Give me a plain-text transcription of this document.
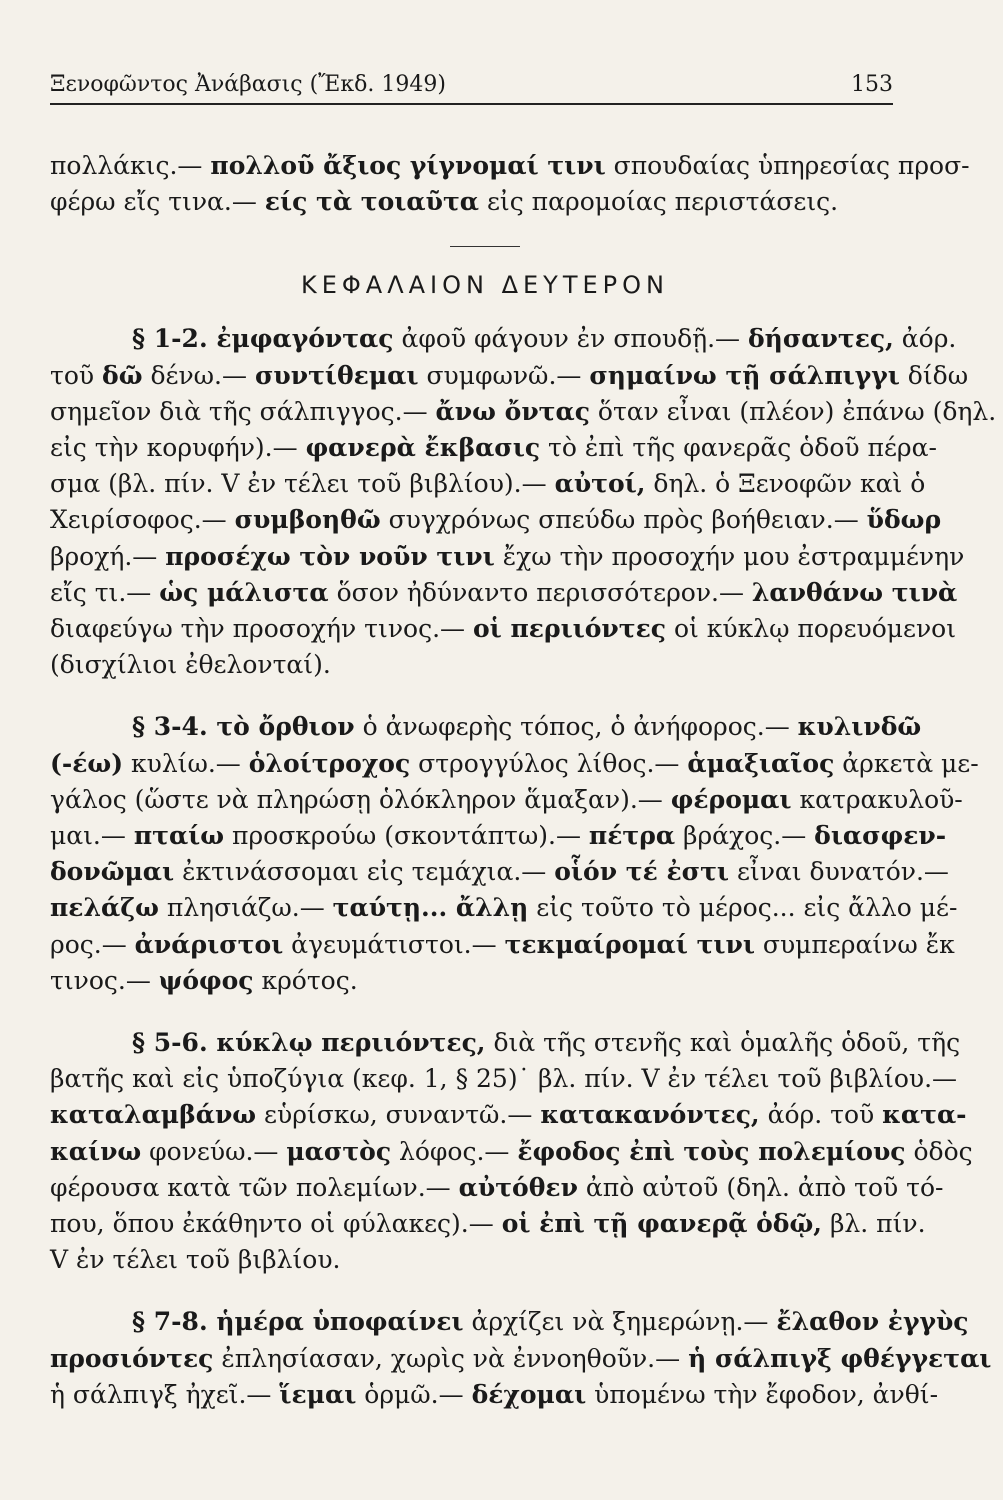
Ξενοφῶντος Ἀνάβασις (Ἔκδ. 1949)	153
πολλάκις.— πολλοῦ ἄξιος γίγνομαί τινι σπουδαίας ὑπηρεσίας προσ-
φέρω εἴς τινα.— είς τὰ τοιαῦτα εἰς παρομοίας περιστάσεις.
ΚΕΦΑΛΑΙΟΝ ΔΕΥΤΕΡΟΝ
§ 1-2. ἐμφαγόντας ἀφοῦ φάγουν ἐν σπουδῇ.— δήσαντες, ἀόρ.
τοῦ δῶ δένω.— συντίθεμαι συμφωνῶ.— σημαίνω τῇ σάλπιγγι δίδω
σημεῖον διὰ τῆς σάλπιγγος.— ἄνω ὄντας ὅταν εἶναι (πλέον) ἐπάνω (δηλ.
εἰς τὴν κορυφήν).— φανερὰ ἔκβασις τὸ ἐπὶ τῆς φανερᾶς ὁδοῦ πέρα-
σμα (βλ. πίν. V ἐν τέλει τοῦ βιβλίου).— αὐτοί, δηλ. ὁ Ξενοφῶν καὶ ὁ
Χειρίσοφος.— συμβοηθῶ συγχρόνως σπεύδω πρὸς βοήθειαν.— ὕδωρ
βροχή.— προσέχω τὸν νοῦν τινι ἔχω τὴν προσοχήν μου ἐστραμμένην
εἴς τι.— ὡς μάλιστα ὅσον ἠδύναντο περισσότερον.— λανθάνω τινὰ
διαφεύγω τὴν προσοχήν τινος.— οἱ περιιόντες οἱ κύκλῳ πορευόμενοι
(δισχίλιοι ἐθελονταί).
§ 3-4. τὸ ὄρθιον ὁ ἀνωφερὴς τόπος, ὁ ἀνήφορος.— κυλινδῶ
(-έω) κυλίω.— ὁλοίτροχος στρογγύλος λίθος.— ἁμαξιαῖος ἀρκετὰ με-
γάλος (ὥστε νὰ πληρώσῃ ὁλόκληρον ἅμαξαν).— φέρομαι κατρακυλοῦ-
μαι.— πταίω προσκρούω (σκοντάπτω).— πέτρα βράχος.— διασφεν-
δονῶμαι ἐκτινάσσομαι εἰς τεμάχια.— οἷόν τέ ἐστι εἶναι δυνατόν.—
πελάζω πλησιάζω.— ταύτῃ... ἄλλῃ εἰς τοῦτο τὸ μέρος... εἰς ἄλλο μέ-
ρος.— ἀνάριστοι ἀγευμάτιστοι.— τεκμαίρομαί τινι συμπεραίνω ἔκ
τινος.— ψόφος κρότος.
§ 5-6. κύκλῳ περιιόντες, διὰ τῆς στενῆς καὶ ὁμαλῆς ὁδοῦ, τῆς
βατῆς καὶ εἰς ὑποζύγια (κεφ. 1, § 25)˙ βλ. πίν. V ἐν τέλει τοῦ βιβλίου.—
καταλαμβάνω εὑρίσκω, συναντῶ.— κατακανόντες, ἀόρ. τοῦ κατα-
καίνω φονεύω.— μαστὸς λόφος.— ἔφοδος ἐπὶ τοὺς πολεμίους ὁδὸς
φέρουσα κατὰ τῶν πολεμίων.— αὐτόθεν ἀπὸ αὐτοῦ (δηλ. ἀπὸ τοῦ τό-
που, ὅπου ἐκάθηντο οἱ φύλακες).— οἱ ἐπὶ τῇ φανερᾷ ὁδῷ, βλ. πίν.
V ἐν τέλει τοῦ βιβλίου.
§ 7-8. ἡμέρα ὑποφαίνει ἀρχίζει νὰ ξημερώνῃ.— ἔλαθον ἐγγὺς
προσιόντες ἐπλησίασαν, χωρὶς νὰ ἐννοηθοῦν.— ἡ σάλπιγξ φθέγγεται
ἡ σάλπιγξ ἠχεῖ.— ἵεμαι ὁρμῶ.— δέχομαι ὑπομένω τὴν ἔφοδον, ἀνθί-
